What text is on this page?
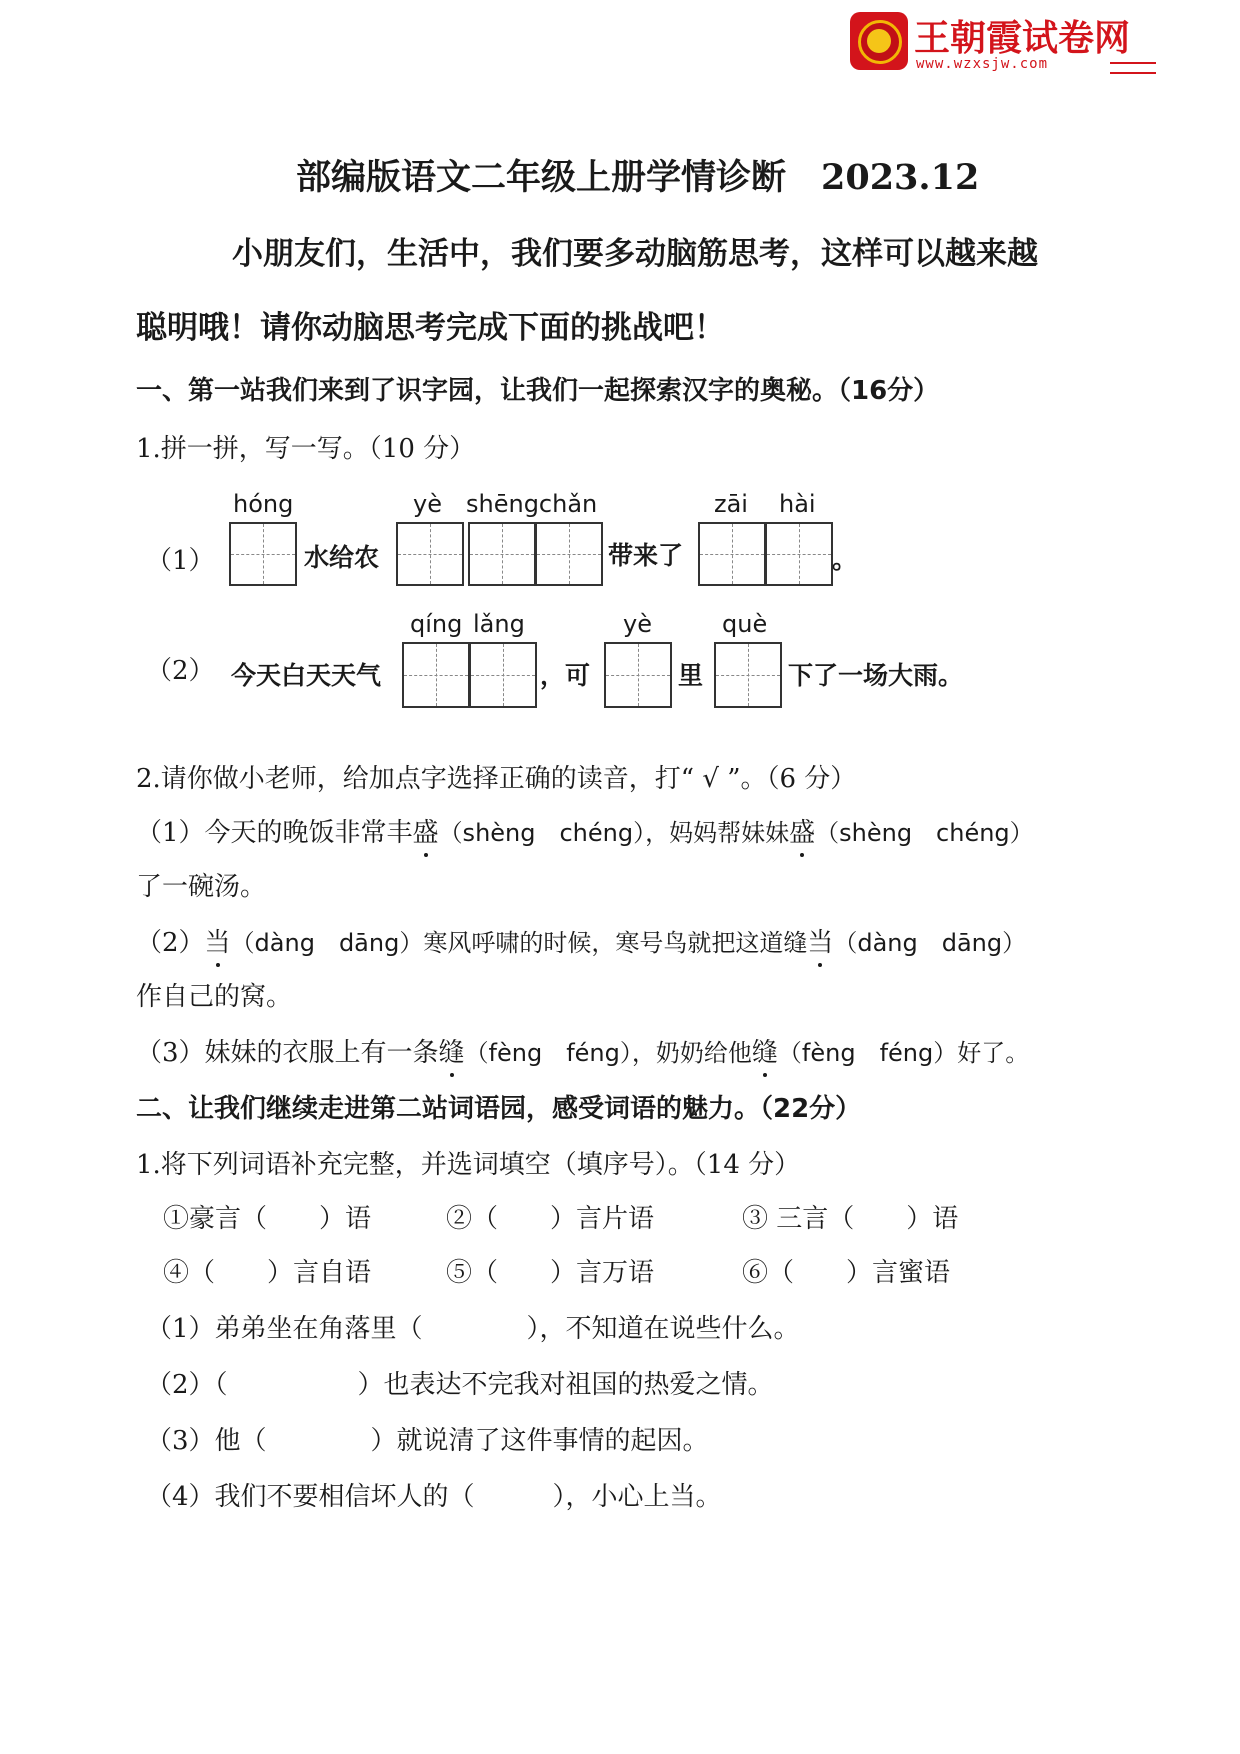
王朝霞试卷网
www.wzxsjw.com
部编版语文二年级上册学情诊断　2023.12
小朋友们，生活中，我们要多动脑筋思考，这样可以越来越
聪明哦！请你动脑思考完成下面的挑战吧！
一、第一站我们来到了识字园，让我们一起探索汉字的奥秘。（16分）
1.拼一拼，写一写。（10 分）
（1）
hóng
水给农
yè shēngchǎn
带来了
zāi hài
。
（2） 今天白天天气
qíng lǎng
，可
yè
里
què
下了一场大雨。
2.请你做小老师，给加点字选择正确的读音，打“ √ ”。（6 分）
（1）今天的晚饭非常丰盛（shèng　chéng），妈妈帮妹妹盛（shèng　chéng）
了一碗汤。
（2）当（dàng　dāng）寒风呼啸的时候，寒号鸟就把这道缝当（dàng　dāng）
作自己的窝。
（3）妹妹的衣服上有一条缝（fèng　féng），奶奶给他缝（fèng　féng）好了。
二、让我们继续走进第二站词语园，感受词语的魅力。（22分）
1.将下列词语补充完整，并选词填空（填序号）。（14 分）
①豪言（　　）语	②（　　）言片语	③ 三言（　　）语
④（　　）言自语	⑤（　　）言万语	⑥（　　）言蜜语
（1）弟弟坐在角落里（　　　　），不知道在说些什么。
（2）（　　　　　）也表达不完我对祖国的热爱之情。
（3）他（　　　　）就说清了这件事情的起因。
（4）我们不要相信坏人的（　　　），小心上当。
